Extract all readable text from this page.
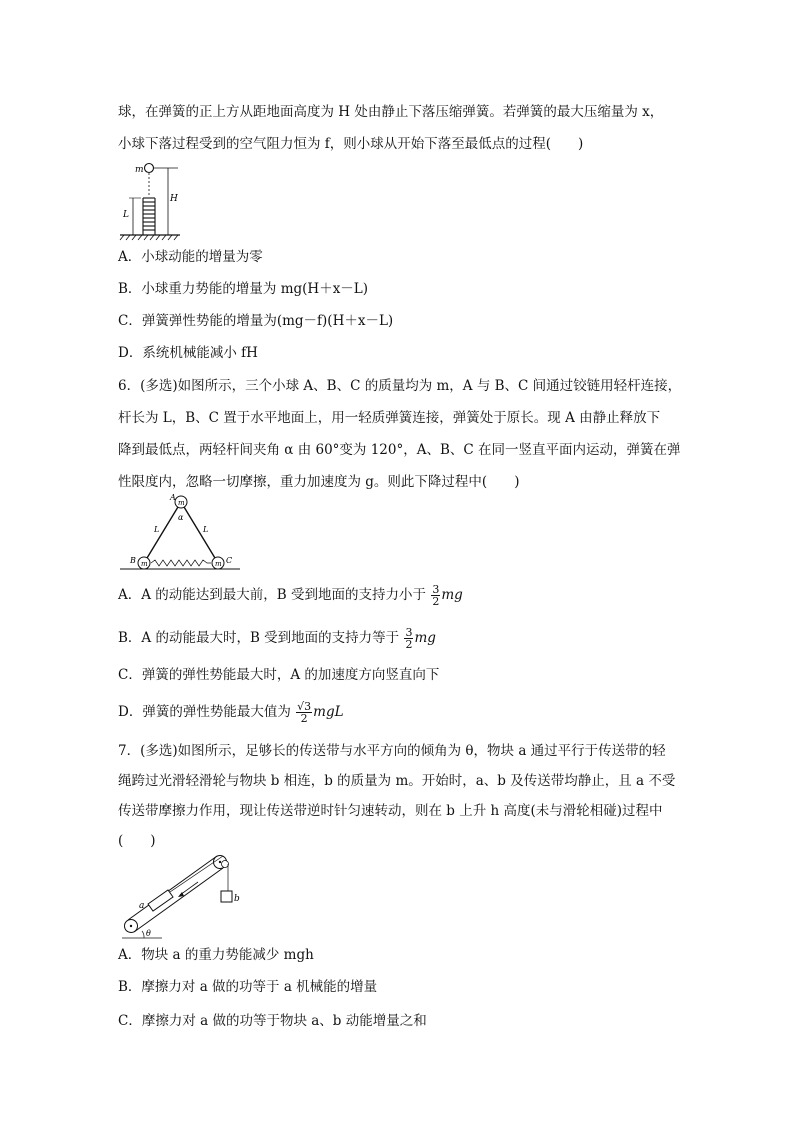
球，在弹簧的正上方从距地面高度为 H 处由静止下落压缩弹簧。若弹簧的最大压缩量为 x，
小球下落过程受到的空气阻力恒为 f，则小球从开始下落至最低点的过程(　　)
m
H
L
A．小球动能的增量为零
B．小球重力势能的增量为 mg(H＋x－L)
C．弹簧弹性势能的增量为(mg－f)(H＋x－L)
D．系统机械能减小 fH
6．(多选)如图所示，三个小球 A、B、C 的质量均为 m，A 与 B、C 间通过铰链用轻杆连接，
杆长为 L，B、C 置于水平地面上，用一轻质弹簧连接，弹簧处于原长。现 A 由静止释放下
降到最低点，两轻杆间夹角 α 由 60°变为 120°，A、B、C 在同一竖直平面内运动，弹簧在弹
性限度内，忽略一切摩擦，重力加速度为 g。则此下降过程中(　　)
m
m	m
A
B	C
α
L	L
A．A 的动能达到最大前，B 受到地面的支持力小于 $\frac{3}{2}$ mg
B．A 的动能最大时，B 受到地面的支持力等于 $\frac{3}{2}$ mg
C．弹簧的弹性势能最大时，A 的加速度方向竖直向下
D．弹簧的弹性势能最大值为 $\frac{√3}{2}$ mgL
7．(多选)如图所示，足够长的传送带与水平方向的倾角为 θ，物块 a 通过平行于传送带的轻
绳跨过光滑轻滑轮与物块 b 相连，b 的质量为 m。开始时，a、b 及传送带均静止，且 a 不受
传送带摩擦力作用，现让传送带逆时针匀速转动，则在 b 上升 h 高度(未与滑轮相碰)过程中
(　　)
a
b
θ
A．物块 a 的重力势能减少 mgh
B．摩擦力对 a 做的功等于 a 机械能的增量
C．摩擦力对 a 做的功等于物块 a、b 动能增量之和
